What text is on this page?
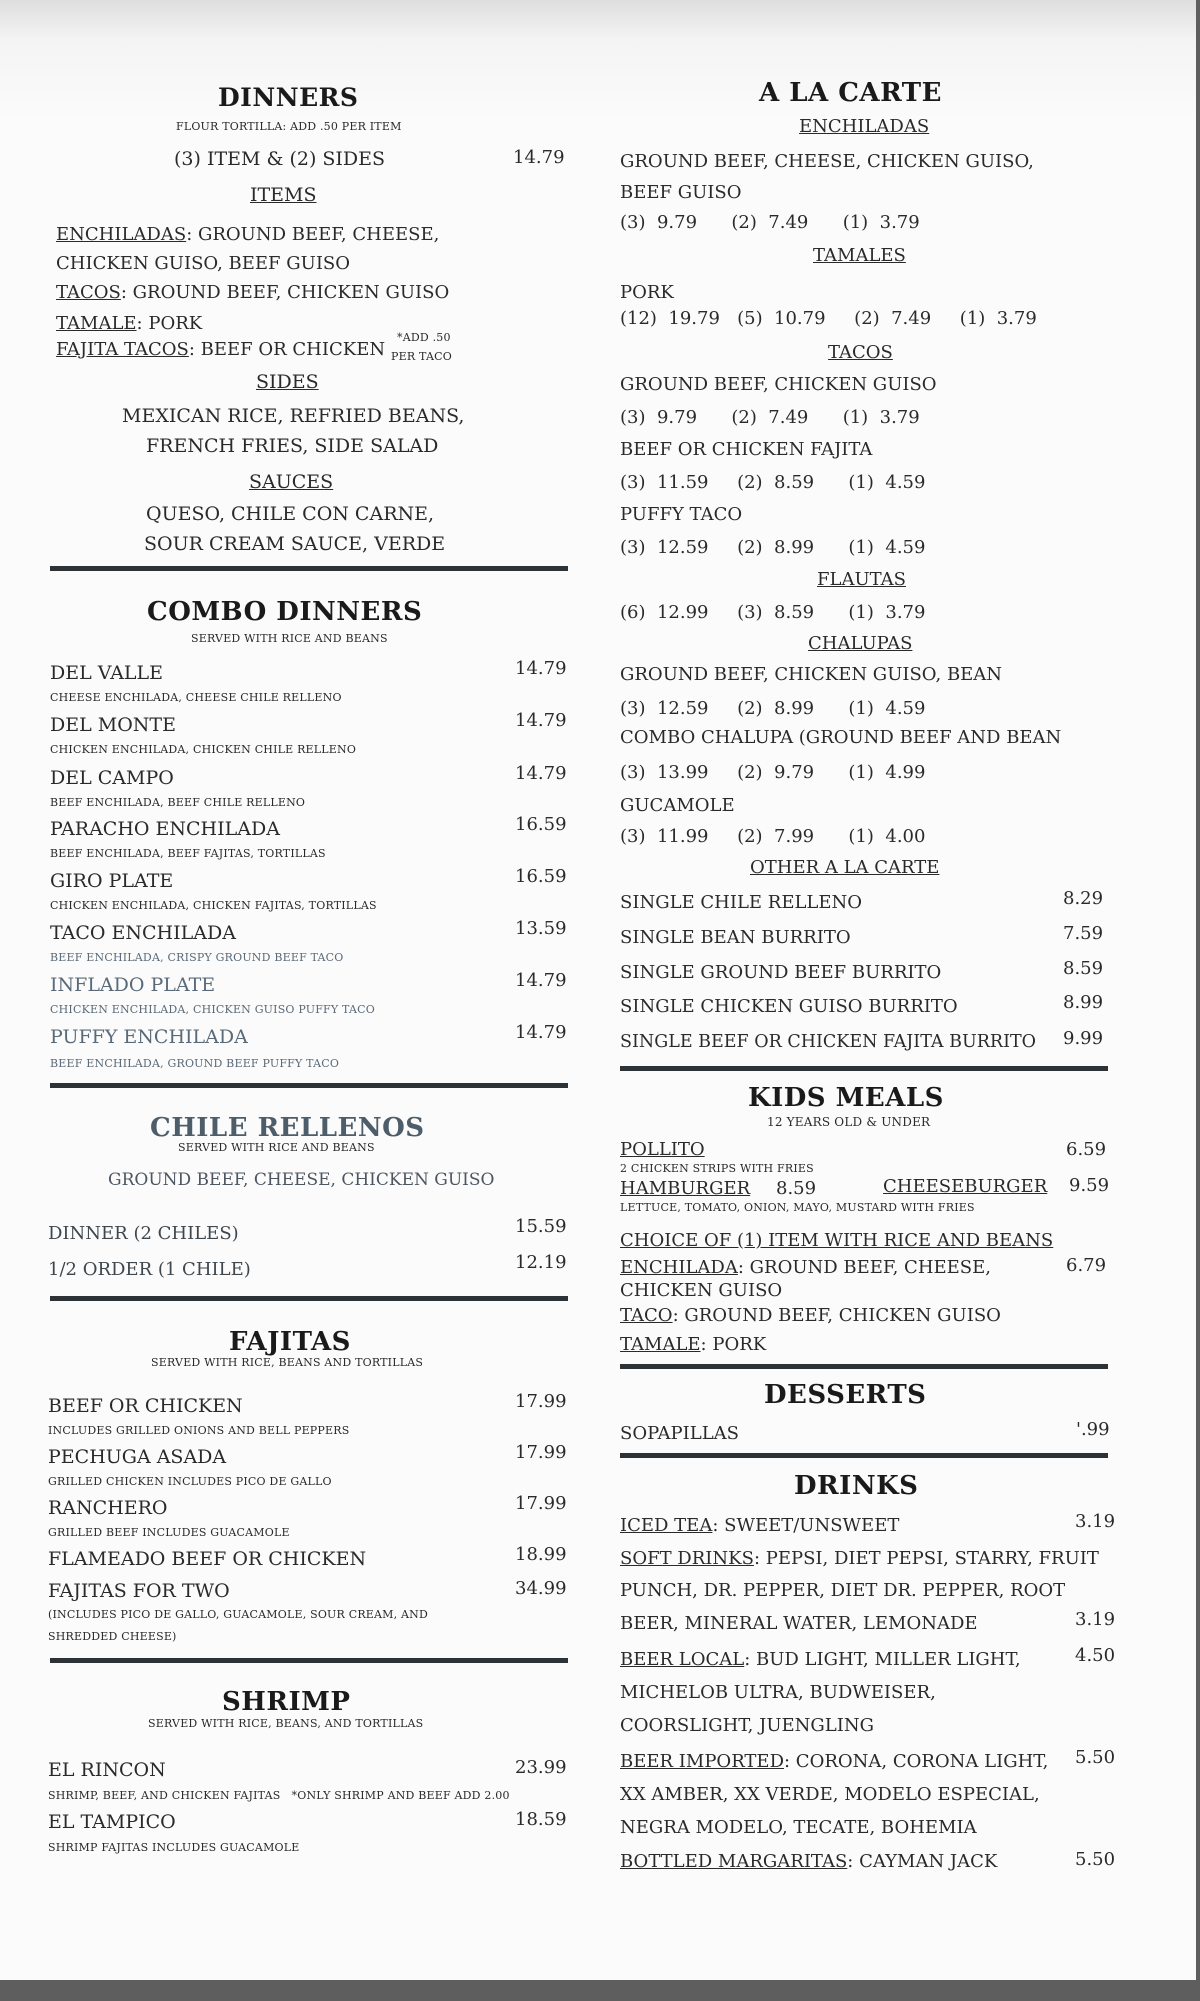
DINNERS
FLOUR TORTILLA: ADD .50 PER ITEM
(3) ITEM & (2) SIDES	14.79
ITEMS
ENCHILADAS: GROUND BEEF, CHEESE,
CHICKEN GUISO, BEEF GUISO
TACOS: GROUND BEEF, CHICKEN GUISO
TAMALE: PORK
FAJITA TACOS: BEEF OR CHICKEN
*ADD .50
PER TACO
SIDES
MEXICAN RICE, REFRIED BEANS,
FRENCH FRIES, SIDE SALAD
SAUCES
QUESO, CHILE CON CARNE,
SOUR CREAM SAUCE, VERDE
COMBO DINNERS
SERVED WITH RICE AND BEANS
DEL VALLE	14.79
CHEESE ENCHILADA, CHEESE CHILE RELLENO
DEL MONTE	14.79
CHICKEN ENCHILADA, CHICKEN CHILE RELLENO
DEL CAMPO	14.79
BEEF ENCHILADA, BEEF CHILE RELLENO
PARACHO ENCHILADA	16.59
BEEF ENCHILADA, BEEF FAJITAS, TORTILLAS
GIRO PLATE	16.59
CHICKEN ENCHILADA, CHICKEN FAJITAS, TORTILLAS
TACO ENCHILADA	13.59
BEEF ENCHILADA, CRISPY GROUND BEEF TACO
INFLADO PLATE	14.79
CHICKEN ENCHILADA, CHICKEN GUISO PUFFY TACO
PUFFY ENCHILADA	14.79
BEEF ENCHILADA, GROUND BEEF PUFFY TACO
CHILE RELLENOS
SERVED WITH RICE AND BEANS
GROUND BEEF, CHEESE, CHICKEN GUISO
DINNER (2 CHILES)	15.59
1/2 ORDER (1 CHILE)	12.19
FAJITAS
SERVED WITH RICE, BEANS AND TORTILLAS
BEEF OR CHICKEN	17.99
INCLUDES GRILLED ONIONS AND BELL PEPPERS
PECHUGA ASADA	17.99
GRILLED CHICKEN INCLUDES PICO DE GALLO
RANCHERO	17.99
GRILLED BEEF INCLUDES GUACAMOLE
FLAMEADO BEEF OR CHICKEN	18.99
FAJITAS FOR TWO	34.99
(INCLUDES PICO DE GALLO, GUACAMOLE, SOUR CREAM, AND
SHREDDED CHEESE)
SHRIMP
SERVED WITH RICE, BEANS, AND TORTILLAS
EL RINCON	23.99
SHRIMP, BEEF, AND CHICKEN FAJITAS   *ONLY SHRIMP AND BEEF ADD 2.00
EL TAMPICO	18.59
SHRIMP FAJITAS INCLUDES GUACAMOLE
A LA CARTE
ENCHILADAS
GROUND BEEF, CHEESE, CHICKEN GUISO,
BEEF GUISO
(3)  9.79      (2)  7.49      (1)  3.79
TAMALES
PORK
(12)  19.79   (5)  10.79     (2)  7.49     (1)  3.79
TACOS
GROUND BEEF, CHICKEN GUISO
(3)  9.79      (2)  7.49      (1)  3.79
BEEF OR CHICKEN FAJITA
(3)  11.59     (2)  8.59      (1)  4.59
PUFFY TACO
(3)  12.59     (2)  8.99      (1)  4.59
FLAUTAS
(6)  12.99     (3)  8.59      (1)  3.79
CHALUPAS
GROUND BEEF, CHICKEN GUISO, BEAN
(3)  12.59     (2)  8.99      (1)  4.59
COMBO CHALUPA (GROUND BEEF AND BEAN
(3)  13.99     (2)  9.79      (1)  4.99
GUCAMOLE
(3)  11.99     (2)  7.99      (1)  4.00
OTHER A LA CARTE
SINGLE CHILE RELLENO	8.29
SINGLE BEAN BURRITO	7.59
SINGLE GROUND BEEF BURRITO	8.59
SINGLE CHICKEN GUISO BURRITO	8.99
SINGLE BEEF OR CHICKEN FAJITA BURRITO 9.99
KIDS MEALS
12 YEARS OLD & UNDER
POLLITO	6.59
2 CHICKEN STRIPS WITH FRIES
HAMBURGER 8.59	CHEESEBURGER 9.59
LETTUCE, TOMATO, ONION, MAYO, MUSTARD WITH FRIES
CHOICE OF (1) ITEM WITH RICE AND BEANS
ENCHILADA: GROUND BEEF, CHEESE,	6.79
CHICKEN GUISO
TACO: GROUND BEEF, CHICKEN GUISO
TAMALE: PORK
DESSERTS
SOPAPILLAS	'.99
DRINKS
ICED TEA: SWEET/UNSWEET	3.19
SOFT DRINKS: PEPSI, DIET PEPSI, STARRY, FRUIT
PUNCH, DR. PEPPER, DIET DR. PEPPER, ROOT
BEER, MINERAL WATER, LEMONADE	3.19
BEER LOCAL: BUD LIGHT, MILLER LIGHT,	4.50
MICHELOB ULTRA, BUDWEISER,
COORSLIGHT, JUENGLING
BEER IMPORTED: CORONA, CORONA LIGHT, 5.50
XX AMBER, XX VERDE, MODELO ESPECIAL,
NEGRA MODELO, TECATE, BOHEMIA
BOTTLED MARGARITAS: CAYMAN JACK	5.50
